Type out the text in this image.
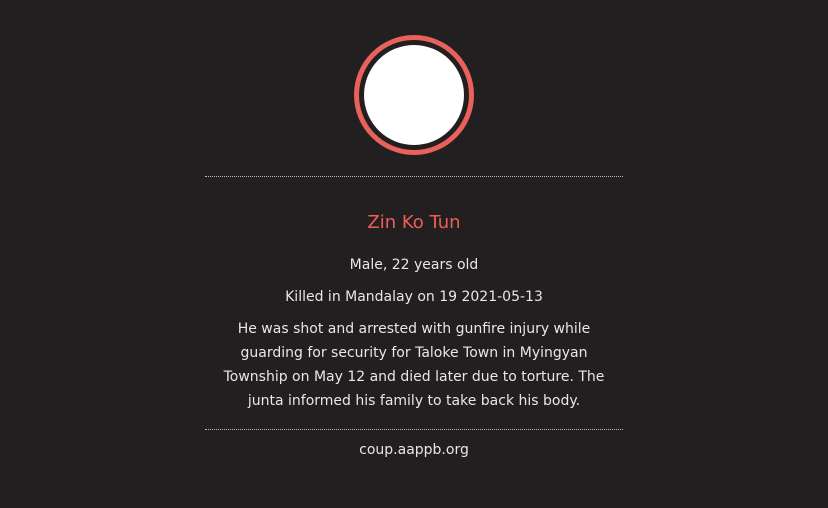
Zin Ko Tun
Male, 22 years old
Killed in Mandalay on 19 2021-05-13
He was shot and arrested with gunfire injury while guarding for security for Taloke Town in Myingyan Township on May 12 and died later due to torture. The junta informed his family to take back his body.
coup.aappb.org
